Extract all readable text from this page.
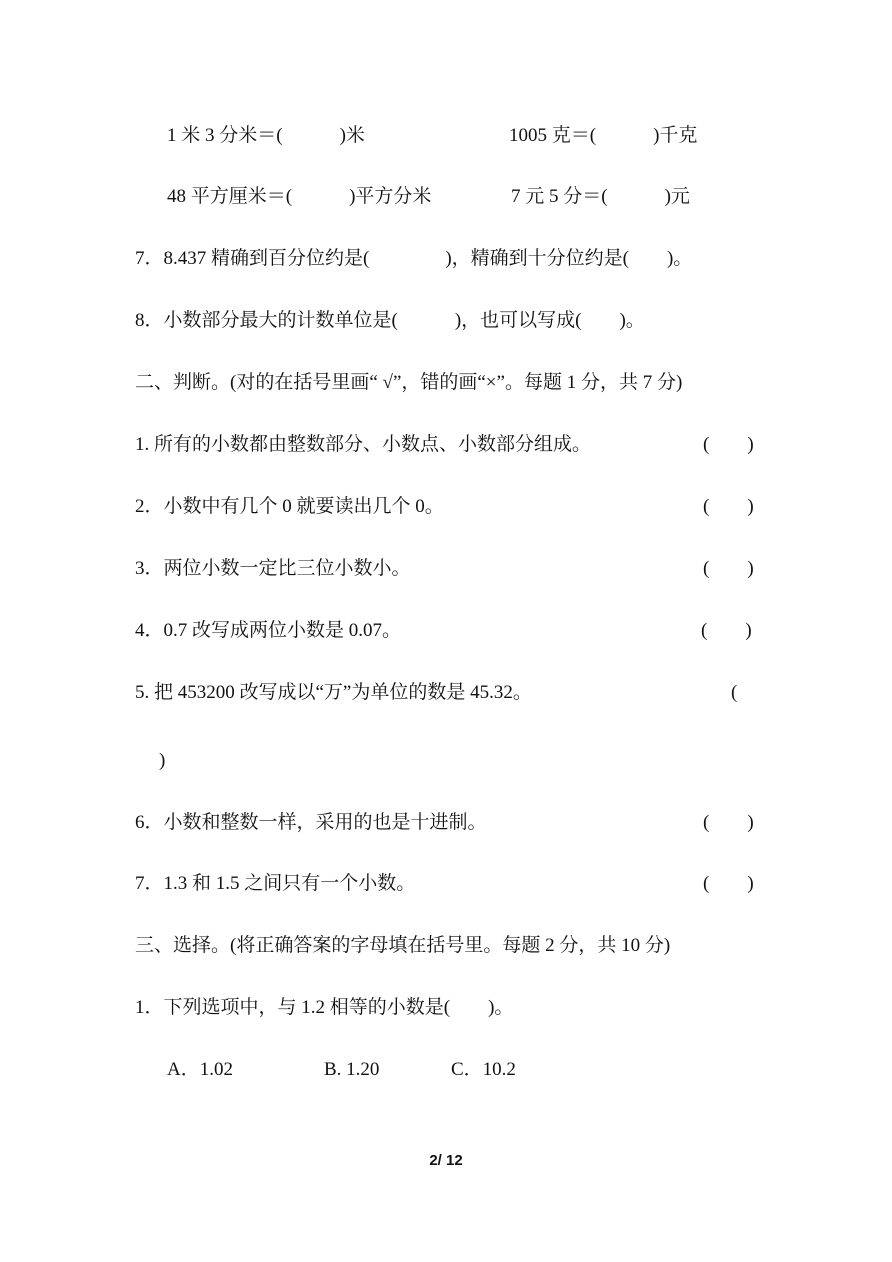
1 米 3 分米＝(　　　)米	1005 克＝(　　　)千克
48 平方厘米＝(　　　)平方分米	7 元 5 分＝(　　　)元
7．8.437 精确到百分位约是(　　　　)，精确到十分位约是(　　)。
8．小数部分最大的计数单位是(　　　)，也可以写成(　　)。
二、判断。(对的在括号里画“ √”，错的画“×”。每题 1 分，共 7 分)
1. 所有的小数都由整数部分、小数点、小数部分组成。	(　　)
2．小数中有几个 0 就要读出几个 0。	(　　)
3．两位小数一定比三位小数小。	(　　)
4．0.7 改写成两位小数是 0.07。	(　　)
5. 把 453200 改写成以“万”为单位的数是 45.32。	(
)
6．小数和整数一样，采用的也是十进制。	(　　)
7．1.3 和 1.5 之间只有一个小数。	(　　)
三、选择。(将正确答案的字母填在括号里。每题 2 分，共 10 分)
1．下列选项中，与 1.2 相等的小数是(　　)。
A．1.02	B. 1.20	C．10.2
2/ 12
